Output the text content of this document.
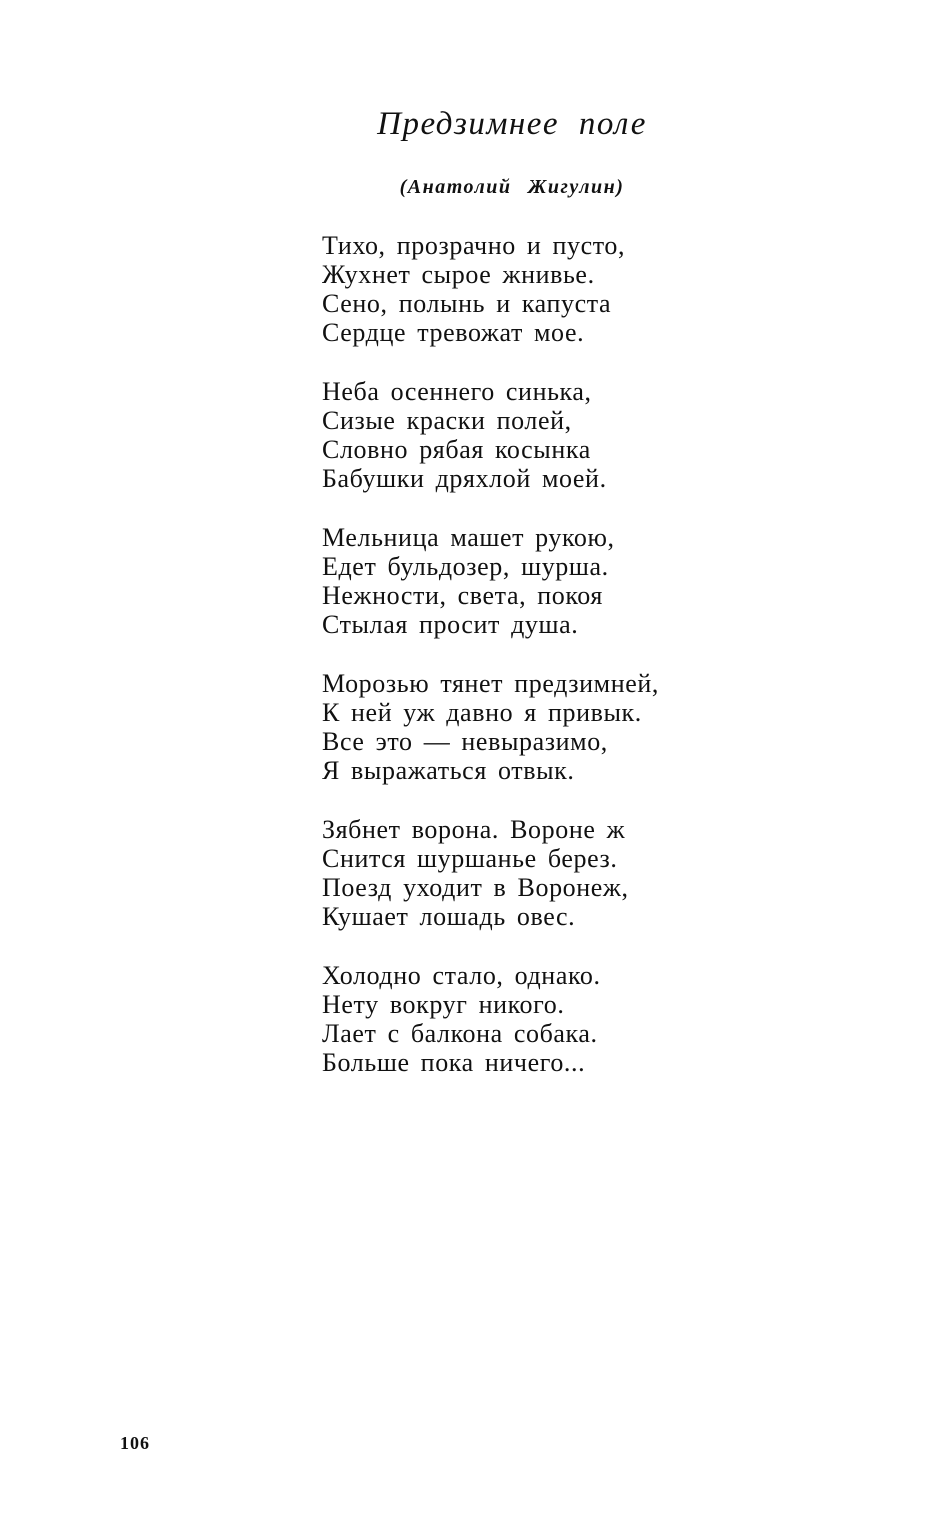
Предзимнее поле
(Анатолий Жигулин)
Тихо, прозрачно и пусто,
Жухнет сырое жнивье.
Сено, полынь и капуста
Сердце тревожат мое.
Неба осеннего синька,
Сизые краски полей,
Словно рябая косынка
Бабушки дряхлой моей.
Мельница машет рукою,
Едет бульдозер, шурша.
Нежности, света, покоя
Стылая просит душа.
Морозью тянет предзимней,
К ней уж давно я привык.
Все это — невыразимо,
Я выражаться отвык.
Зябнет ворона. Вороне ж
Снится шуршанье берез.
Поезд уходит в Воронеж,
Кушает лошадь овес.
Холодно стало, однако.
Нету вокруг никого.
Лает с балкона собака.
Больше пока ничего...
106
